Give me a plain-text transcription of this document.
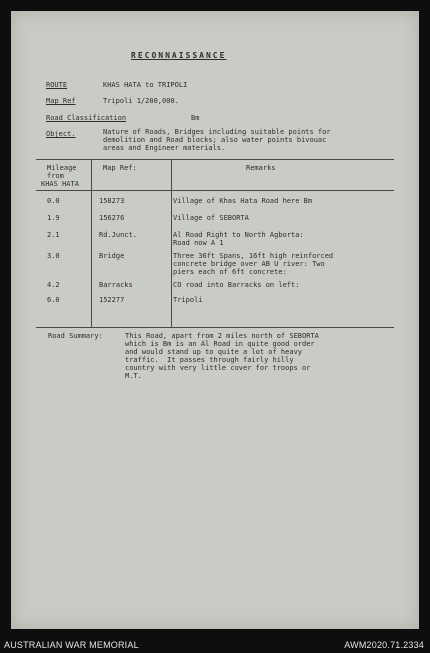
RECONNAISSANCE
ROUTE	KHAS HATA to TRIPOLI
Map Ref	Tripoli 1/200,000.
Road Classification	Bm
Object.	Nature of Roads, Bridges including suitable points for
demolition and Road blocks; also water points bivouac
areas and Engineer materials.
Mileage
from
KHAS HATA
Map Ref:	Remarks
0.0	158273	Village of Khas Hata Road here Bm
1.9	156276	Village of SEBORTA
2.1	Rd.Junct.	Al Road Right to North Agborta:
Road now A 1
3.0	Bridge	Three 36ft Spans, 16ft high reinforced
concrete bridge over AB U river: Two
piers each of 6ft concrete:
4.2	Barracks	CO road into Barracks on left:
6.0	152277	Tripoli
Road Summary:	This Road, apart from 2 miles north of SEBORTA
which is Bm is an Al Road in quite good order
and would stand up to quite a lot of heavy
traffic.  It passes through fairly hilly
country with very little cover for troops or
M.T.
AUSTRALIAN WAR MEMORIAL	AWM2020.71.2334
